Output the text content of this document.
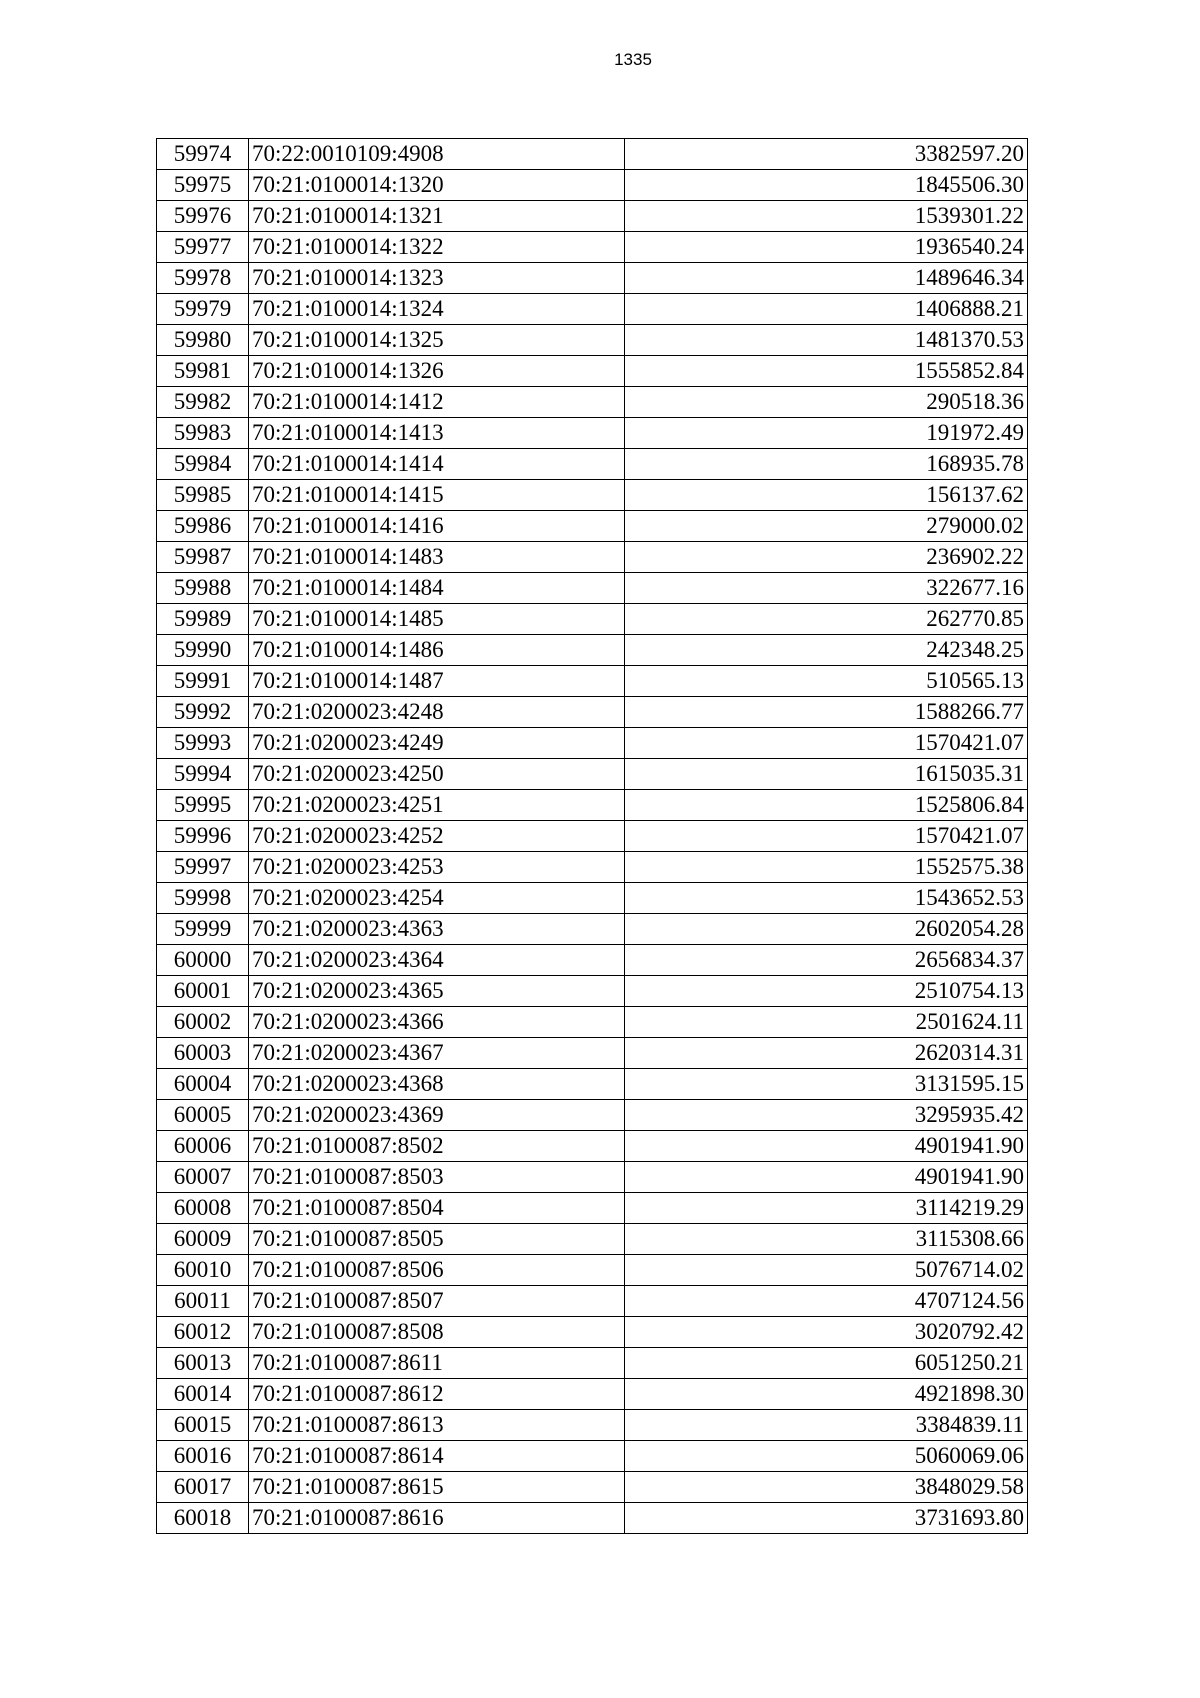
1335
59974	70:22:0010109:4908	3382597.20
59975	70:21:0100014:1320	1845506.30
59976	70:21:0100014:1321	1539301.22
59977	70:21:0100014:1322	1936540.24
59978	70:21:0100014:1323	1489646.34
59979	70:21:0100014:1324	1406888.21
59980	70:21:0100014:1325	1481370.53
59981	70:21:0100014:1326	1555852.84
59982	70:21:0100014:1412	290518.36
59983	70:21:0100014:1413	191972.49
59984	70:21:0100014:1414	168935.78
59985	70:21:0100014:1415	156137.62
59986	70:21:0100014:1416	279000.02
59987	70:21:0100014:1483	236902.22
59988	70:21:0100014:1484	322677.16
59989	70:21:0100014:1485	262770.85
59990	70:21:0100014:1486	242348.25
59991	70:21:0100014:1487	510565.13
59992	70:21:0200023:4248	1588266.77
59993	70:21:0200023:4249	1570421.07
59994	70:21:0200023:4250	1615035.31
59995	70:21:0200023:4251	1525806.84
59996	70:21:0200023:4252	1570421.07
59997	70:21:0200023:4253	1552575.38
59998	70:21:0200023:4254	1543652.53
59999	70:21:0200023:4363	2602054.28
60000	70:21:0200023:4364	2656834.37
60001	70:21:0200023:4365	2510754.13
60002	70:21:0200023:4366	2501624.11
60003	70:21:0200023:4367	2620314.31
60004	70:21:0200023:4368	3131595.15
60005	70:21:0200023:4369	3295935.42
60006	70:21:0100087:8502	4901941.90
60007	70:21:0100087:8503	4901941.90
60008	70:21:0100087:8504	3114219.29
60009	70:21:0100087:8505	3115308.66
60010	70:21:0100087:8506	5076714.02
60011	70:21:0100087:8507	4707124.56
60012	70:21:0100087:8508	3020792.42
60013	70:21:0100087:8611	6051250.21
60014	70:21:0100087:8612	4921898.30
60015	70:21:0100087:8613	3384839.11
60016	70:21:0100087:8614	5060069.06
60017	70:21:0100087:8615	3848029.58
60018	70:21:0100087:8616	3731693.80
